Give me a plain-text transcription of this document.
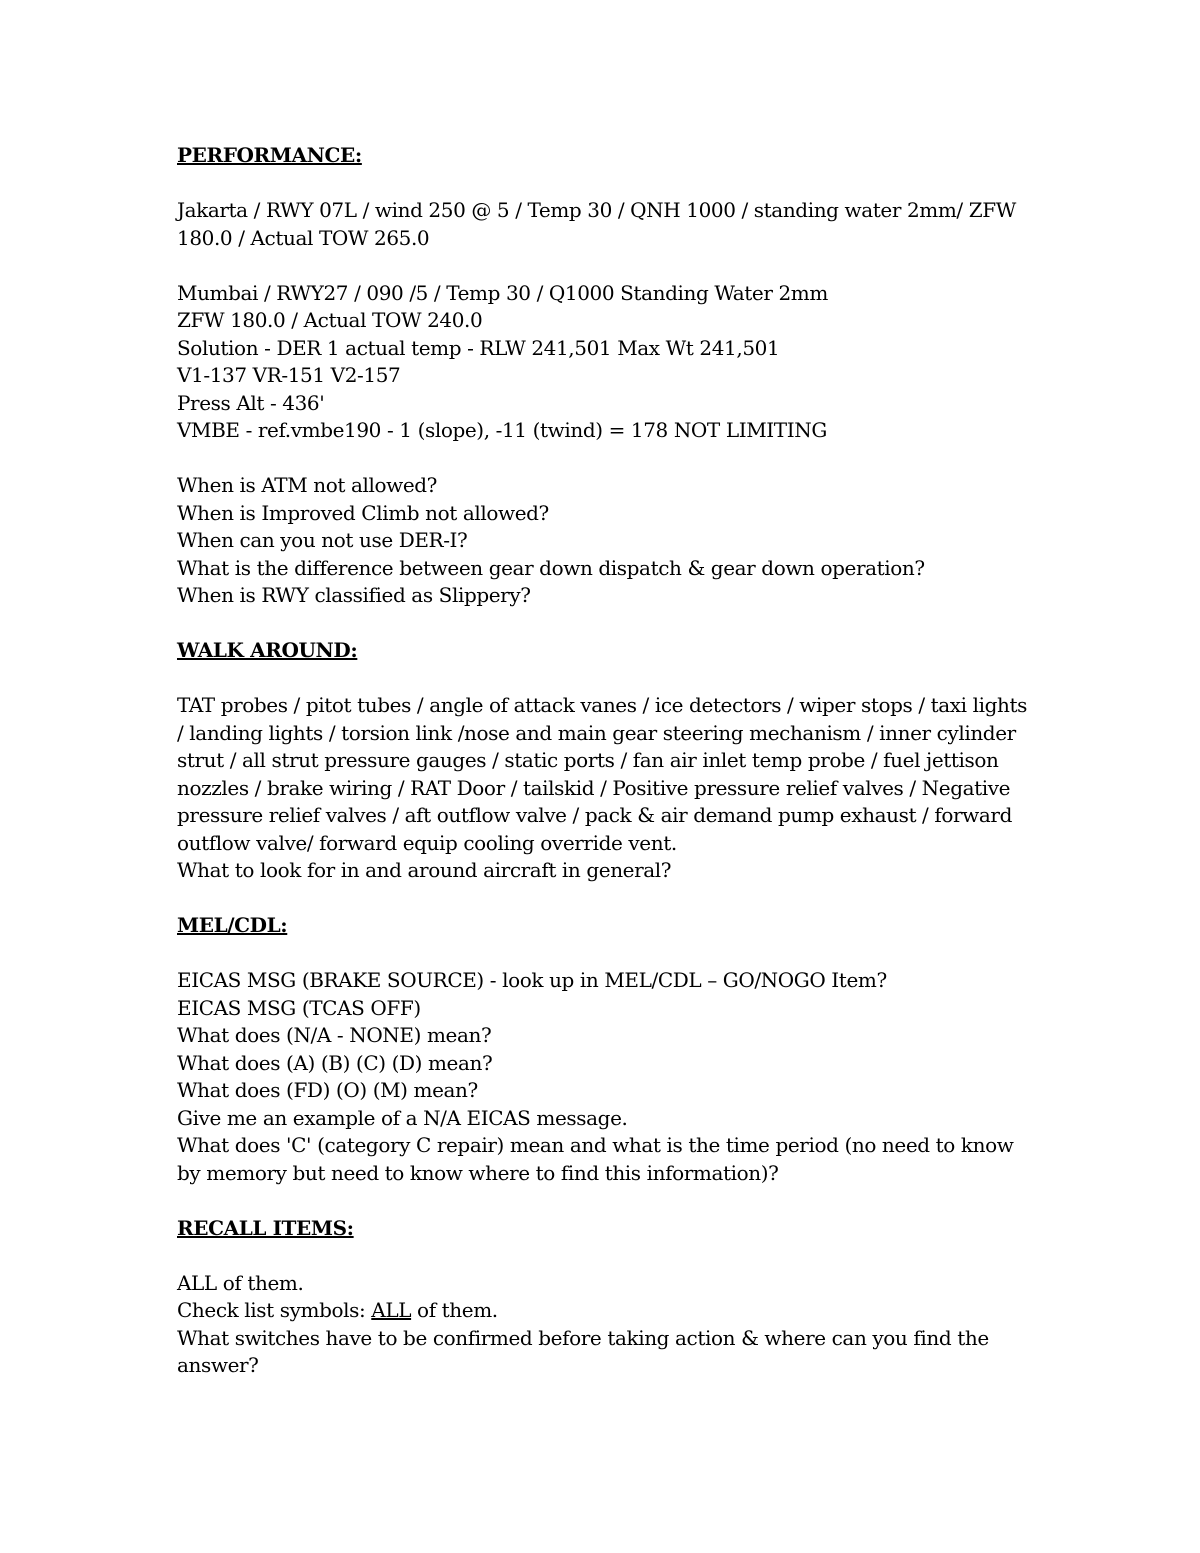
PERFORMANCE:
Jakarta / RWY 07L / wind 250 @ 5 / Temp 30 / QNH 1000 / standing water 2mm/ ZFW 180.0 / Actual TOW 265.0
Mumbai / RWY27 / 090 /5 / Temp 30 / Q1000 Standing Water 2mm
ZFW 180.0 / Actual TOW 240.0
Solution - DER 1 actual temp - RLW 241,501 Max Wt 241,501
V1-137 VR-151 V2-157
Press Alt - 436'
VMBE - ref.vmbe190 - 1 (slope), -11 (twind) = 178 NOT LIMITING
When is ATM not allowed?
When is Improved Climb not allowed?
When can you not use DER-I?
What is the difference between gear down dispatch & gear down operation?
When is RWY classified as Slippery?
WALK AROUND:
TAT probes / pitot tubes / angle of attack vanes / ice detectors / wiper stops / taxi lights / landing lights / torsion link /nose and main gear steering mechanism / inner cylinder strut / all strut pressure gauges / static ports / fan air inlet temp probe / fuel jettison nozzles / brake wiring / RAT Door / tailskid / Positive pressure relief valves / Negative pressure relief valves / aft outflow valve / pack & air demand pump exhaust / forward outflow valve/ forward equip cooling override vent.
What to look for in and around aircraft in general?
MEL/CDL:
EICAS MSG (BRAKE SOURCE) - look up in MEL/CDL – GO/NOGO Item?
EICAS MSG (TCAS OFF)
What does (N/A - NONE) mean?
What does (A) (B) (C) (D) mean?
What does (FD) (O) (M) mean?
Give me an example of a N/A EICAS message.
What does 'C' (category C repair) mean and what is the time period (no need to know by memory but need to know where to find this information)?
RECALL ITEMS:
ALL of them.
Check list symbols: ALL of them.
What switches have to be confirmed before taking action & where can you find the answer?
